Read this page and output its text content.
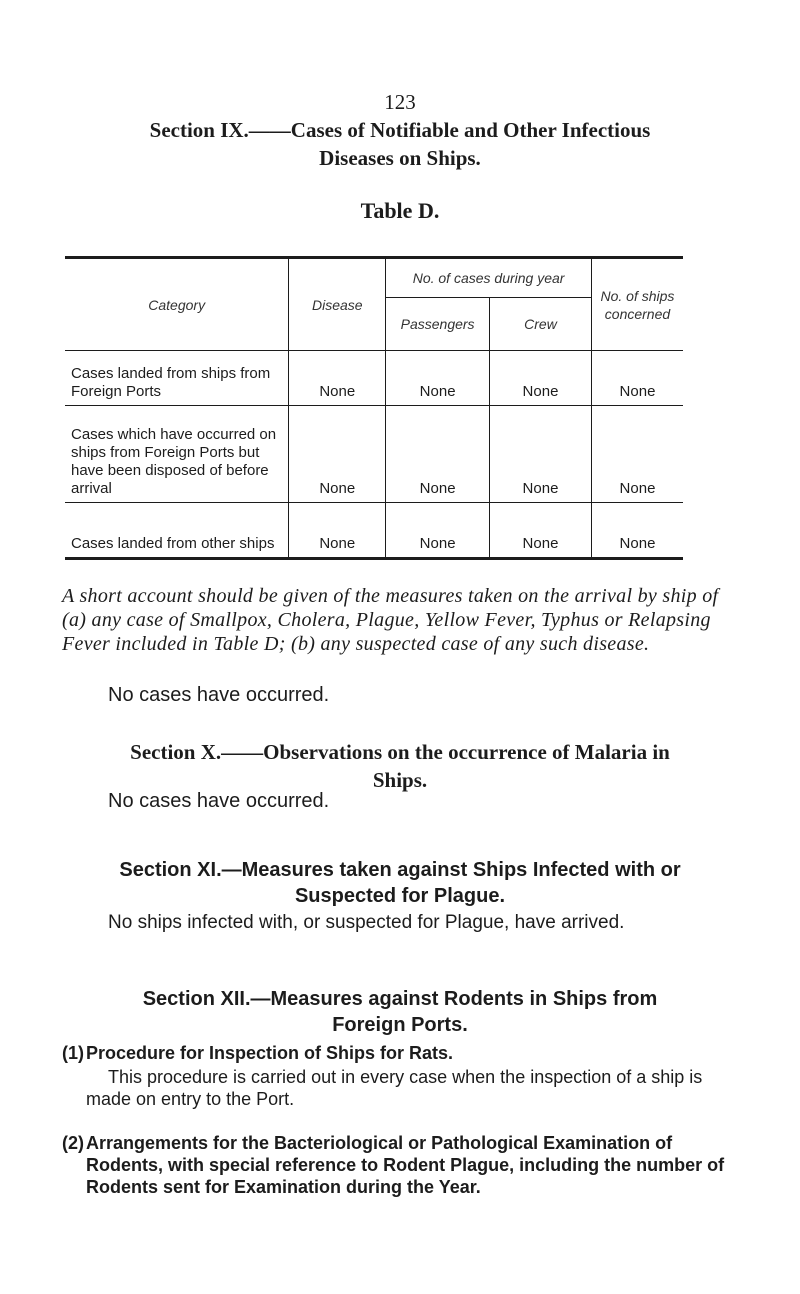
123
Section IX.——Cases of Notifiable and Other Infectious
Diseases on Ships.
Table D.
Category	Disease	No. of cases during year		No. of ships concerned
		Passengers	Crew	
Cases landed from ships from Foreign Ports	None	None	None	None
Cases which have occurred on ships from Foreign Ports but have been disposed of before arrival	None	None	None	None
Cases landed from other ships	None	None	None	None
A short account should be given of the measures taken on the arrival by ship of (a) any case of Smallpox, Cholera, Plague, Yellow Fever, Typhus or Relapsing Fever included in Table D; (b) any suspected case of any such disease.
No cases have occurred.
Section X.——Observations on the occurrence of Malaria in
Ships.
No cases have occurred.
Section XI.—Measures taken against Ships Infected with or
Suspected for Plague.
No ships infected with, or suspected for Plague, have arrived.
Section XII.—Measures against Rodents in Ships from
Foreign Ports.
(1) Procedure for Inspection of Ships for Rats.
This procedure is carried out in every case when the inspection of a ship is made on entry to the Port.
(2) Arrangements for the Bacteriological or Pathological Examination of Rodents, with special reference to Rodent Plague, including the number of Rodents sent for Examination during the Year.
